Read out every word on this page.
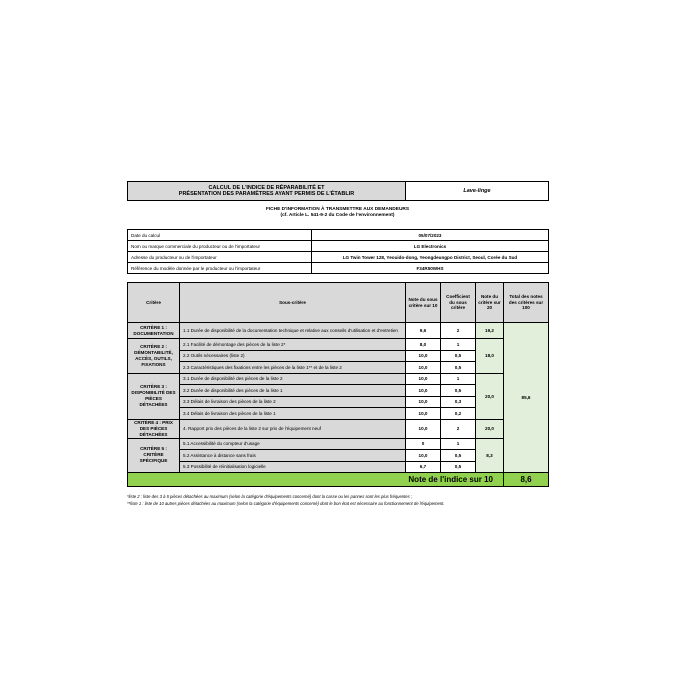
CALCUL DE L'INDICE DE RÉPARABILITÉ ET
PRÉSENTATION DES PARAMÈTRES AYANT PERMIS DE L'ÉTABLIR	Lave-linge
FICHE D'INFORMATION À TRANSMETTRE AUX DEMANDEURS
(cf. Article L. 541-9-2 du Code de l'environnement)
Date du calcul	05/07/2023
Nom ou marque commerciale du producteur ou de l'importateur	LG Electronics
Adresse du producteur ou de l'importateur	LG Twin Tower 128, Yeouido-dong, Yeongdeungpo District, Seoul, Corée du Sud
Référence du modèle donnée par le producteur ou l'importateur	F34R50WHS
Critère	Sous-critère	Note du sous critère sur 10	Coefficient du sous critère	Note du critère sur 20	Total des notes des critères sur 100
CRITÈRE 1 : DOCUMENTATION	1.1 Durée de disponibilité de la documentation technique et relative aux conseils d'utilisation et d'entretien	9,6	2	19,2	85,6
CRITÈRE 2 : DÉMONTABILITÉ, ACCÈS, OUTILS, FIXATIONS	2.1 Facilité de démontage des pièces de la liste 2*	8,0	1	18,0	
	2.2 Outils nécessaires (liste 2)	10,0	0,5		
	2.3 Caractéristiques des fixations entre les pièces de la liste 1** et de la liste 2	10,0	0,5		
CRITÈRE 3 : DISPONIBILITÉ DES PIÈCES DÉTACHÉES	3.1 Durée de disponibilité des pièces de la liste 2	10,0	1	20,0	
	3.2 Durée de disponibilité des pièces de la liste 1	10,0	0,5		
	3.3 Délais de livraison des pièces de la liste 2	10,0	0,3		
	3.4 Délais de livraison des pièces de la liste 1	10,0	0,2		
CRITÈRE 4 : PRIX DES PIÈCES DÉTACHÉES	4. Rapport prix des pièces de la liste 2 sur prix de l'équipement neuf	10,0	2	20,0	
CRITÈRE 5 : CRITÈRE SPÉCIFIQUE	5.1 Accessibilité du compteur d'usage	0	1	8,3	
	5.2 Assistance à distance sans frais	10,0	0,5		
	5.3 Possibilité de réinitialisation logicielle	6,7	0,5		
Note de l'indice sur 10					8,6
*liste 2 : liste des 3 à 5 pièces détachées au maximum (selon la catégorie d'équipements concerné) dont la casse ou les pannes sont les plus fréquentes ;
**liste 1 : liste de 10 autres pièces détachées au maximum (selon la catégorie d'équipements concerné) dont le bon état est nécessaire au fonctionnement de l'équipement.
